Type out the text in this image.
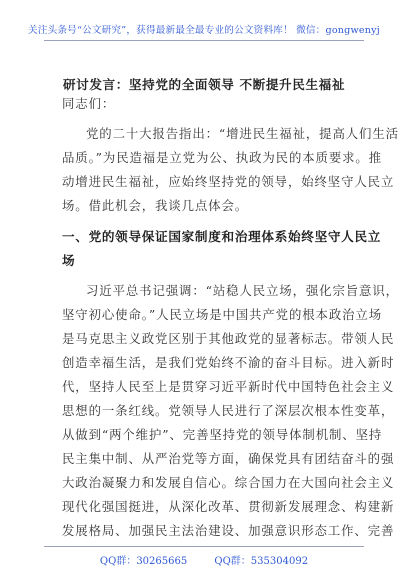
关注头条号“公文研究”，获得最新最全最专业的公文资料库！ 微信：gongwenyj
研讨发言：坚持党的全面领导 不断提升民生福祉
同志们：
党的二十大报告指出：“增进民生福祉，提高人们生活
品质。”为民造福是立党为公、执政为民的本质要求。推
动增进民生福祉，应始终坚持党的领导，始终坚守人民立
场。借此机会，我谈几点体会。
一、党的领导保证国家制度和治理体系始终坚守人民立
场
习近平总书记强调：“站稳人民立场，强化宗旨意识，
坚守初心使命。”人民立场是中国共产党的根本政治立场
是马克思主义政党区别于其他政党的显著标志。带领人民
创造幸福生活，是我们党始终不渝的奋斗目标。进入新时
代，坚持人民至上是贯穿习近平新时代中国特色社会主义
思想的一条红线。党领导人民进行了深层次根本性变革，
从做到“两个维护”、完善坚持党的领导体制机制、坚持
民主集中制、从严治党等方面，确保党具有团结奋斗的强
大政治凝聚力和发展自信心。综合国力在大国向社会主义
现代化强国挺进，从深化改革、贯彻新发展理念、构建新
发展格局、加强民主法治建设、加强意识形态工作、完善
QQ群：30265665	QQ群：535304092
